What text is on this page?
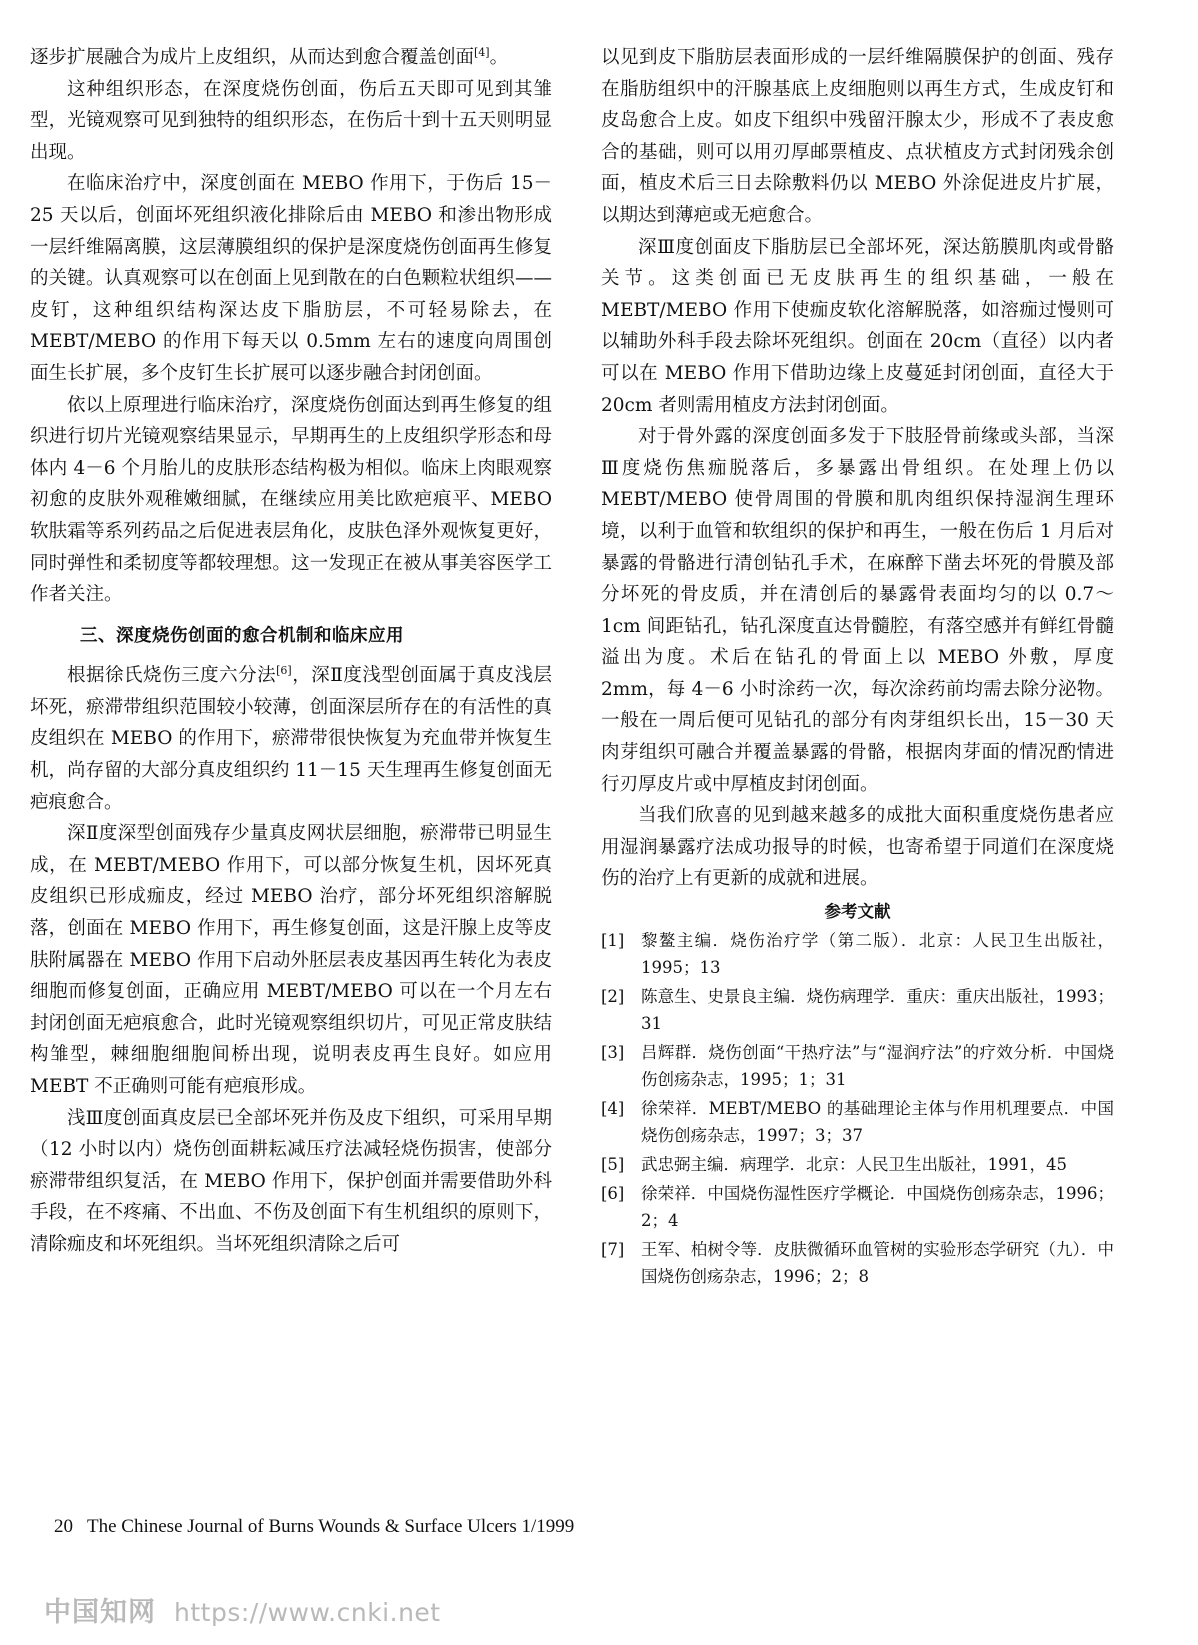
逐步扩展融合为成片上皮组织，从而达到愈合覆盖创面[4]。

这种组织形态，在深度烧伤创面，伤后五天即可见到其雏型，光镜观察可见到独特的组织形态，在伤后十到十五天则明显出现。

在临床治疗中，深度创面在 MEBO 作用下，于伤后 15－25 天以后，创面坏死组织液化排除后由 MEBO 和渗出物形成一层纤维隔离膜，这层薄膜组织的保护是深度烧伤创面再生修复的关键。认真观察可以在创面上见到散在的白色颗粒状组织——皮钉，这种组织结构深达皮下脂肪层，不可轻易除去，在 MEBT/MEBO 的作用下每天以 0.5mm 左右的速度向周围创面生长扩展，多个皮钉生长扩展可以逐步融合封闭创面。

依以上原理进行临床治疗，深度烧伤创面达到再生修复的组织进行切片光镜观察结果显示，早期再生的上皮组织学形态和母体内 4－6 个月胎儿的皮肤形态结构极为相似。临床上肉眼观察初愈的皮肤外观稚嫩细腻，在继续应用美比欧疤痕平、MEBO 软肤霜等系列药品之后促进表层角化，皮肤色泽外观恢复更好，同时弹性和柔韧度等都较理想。这一发现正在被从事美容医学工作者关注。

三、深度烧伤创面的愈合机制和临床应用

根据徐氏烧伤三度六分法[6]，深Ⅱ度浅型创面属于真皮浅层坏死，瘀滞带组织范围较小较薄，创面深层所存在的有活性的真皮组织在 MEBO 的作用下，瘀滞带很快恢复为充血带并恢复生机，尚存留的大部分真皮组织约 11－15 天生理再生修复创面无疤痕愈合。

深Ⅱ度深型创面残存少量真皮网状层细胞，瘀滞带已明显生成，在 MEBT/MEBO 作用下，可以部分恢复生机，因坏死真皮组织已形成痂皮，经过 MEBO 治疗，部分坏死组织溶解脱落，创面在 MEBO 作用下，再生修复创面，这是汗腺上皮等皮肤附属器在 MEBO 作用下启动外胚层表皮基因再生转化为表皮细胞而修复创面，正确应用 MEBT/MEBO 可以在一个月左右封闭创面无疤痕愈合，此时光镜观察组织切片，可见正常皮肤结构雏型，棘细胞细胞间桥出现，说明表皮再生良好。如应用 MEBT 不正确则可能有疤痕形成。

浅Ⅲ度创面真皮层已全部坏死并伤及皮下组织，可采用早期（12 小时以内）烧伤创面耕耘减压疗法减轻烧伤损害，使部分瘀滞带组织复活，在 MEBO 作用下，保护创面并需要借助外科手段，在不疼痛、不出血、不伤及创面下有生机组织的原则下，清除痂皮和坏死组织。当坏死组织清除之后可

以见到皮下脂肪层表面形成的一层纤维隔膜保护的创面、残存在脂肪组织中的汗腺基底上皮细胞则以再生方式，生成皮钉和皮岛愈合上皮。如皮下组织中残留汗腺太少，形成不了表皮愈合的基础，则可以用刃厚邮票植皮、点状植皮方式封闭残余创面，植皮术后三日去除敷料仍以 MEBO 外涂促进皮片扩展，以期达到薄疤或无疤愈合。

深Ⅲ度创面皮下脂肪层已全部坏死，深达筋膜肌肉或骨骼关节。这类创面已无皮肤再生的组织基础，一般在 MEBT/MEBO 作用下使痂皮软化溶解脱落，如溶痂过慢则可以辅助外科手段去除坏死组织。创面在 20cm（直径）以内者可以在 MEBO 作用下借助边缘上皮蔓延封闭创面，直径大于 20cm 者则需用植皮方法封闭创面。

对于骨外露的深度创面多发于下肢胫骨前缘或头部，当深Ⅲ度烧伤焦痂脱落后，多暴露出骨组织。在处理上仍以 MEBT/MEBO 使骨周围的骨膜和肌肉组织保持湿润生理环境，以利于血管和软组织的保护和再生，一般在伤后 1 月后对暴露的骨骼进行清创钻孔手术，在麻醉下凿去坏死的骨膜及部分坏死的骨皮质，并在清创后的暴露骨表面均匀的以 0.7～1cm 间距钻孔，钻孔深度直达骨髓腔，有落空感并有鲜红骨髓溢出为度。术后在钻孔的骨面上以 MEBO 外敷，厚度 2mm，每 4－6 小时涂药一次，每次涂药前均需去除分泌物。一般在一周后便可见钻孔的部分有肉芽组织长出，15－30 天肉芽组织可融合并覆盖暴露的骨骼，根据肉芽面的情况酌情进行刃厚皮片或中厚植皮封闭创面。

当我们欣喜的见到越来越多的成批大面积重度烧伤患者应用湿润暴露疗法成功报导的时候，也寄希望于同道们在深度烧伤的治疗上有更新的成就和进展。

参考文献
[1]	黎鳌主编．烧伤治疗学（第二版）．北京：人民卫生出版社，1995；13
[2]	陈意生、史景良主编．烧伤病理学．重庆：重庆出版社，1993；31
[3]	吕辉群．烧伤创面“干热疗法”与“湿润疗法”的疗效分析．中国烧伤创疡杂志，1995；1；31
[4]	徐荣祥．MEBT/MEBO 的基础理论主体与作用机理要点．中国烧伤创疡杂志，1997；3；37
[5]	武忠弼主编．病理学．北京：人民卫生出版社，1991，45
[6]	徐荣祥．中国烧伤湿性医疗学概论．中国烧伤创疡杂志，1996；2；4
[7]	王军、柏树令等．皮肤微循环血管树的实验形态学研究（九）．中国烧伤创疡杂志，1996；2；8
20 The Chinese Journal of Burns Wounds & Surface Ulcers 1/1999
中国知网 https://www.cnki.net
